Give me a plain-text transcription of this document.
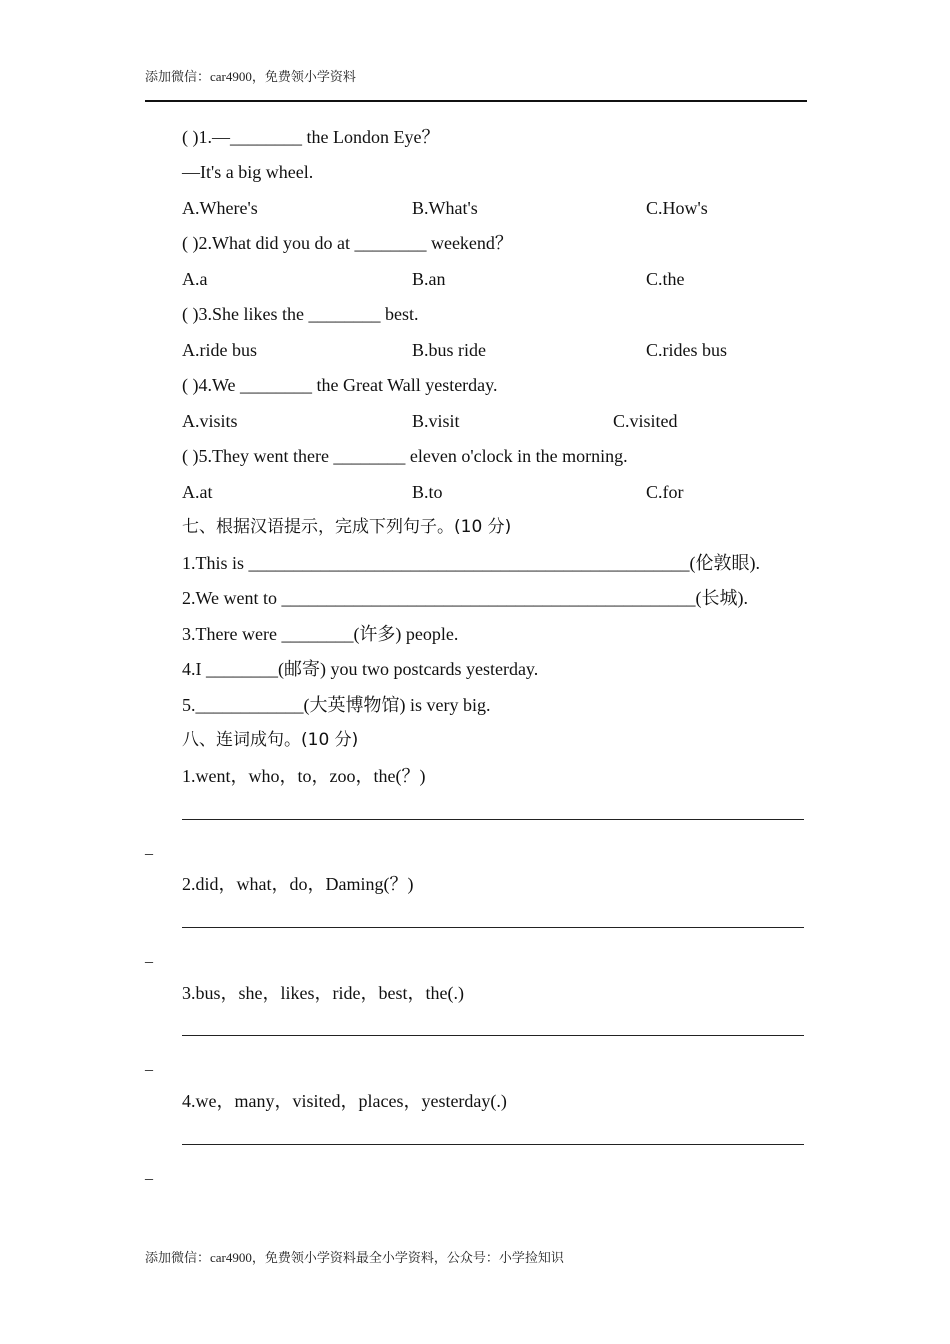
添加微信：car4900，免费领小学资料
( )1.—________ the London Eye？
—It's a big wheel.
A.Where's	B.What's	C.How's
( )2.What did you do at ________ weekend？
A.a	B.an	C.the
( )3.She likes the ________ best.
A.ride bus	B.bus ride	C.rides bus
( )4.We ________ the Great Wall yesterday.
A.visits	B.visit	C.visited
( )5.They went there ________ eleven o'clock in the morning.
A.at	B.to	C.for
七、根据汉语提示，完成下列句子。(10 分)
1.This is _________________________________________________(伦敦眼).
2.We went to ______________________________________________(长城).
3.There were ________(许多) people.
4.I ________(邮寄) you two postcards yesterday.
5.____________(大英博物馆) is very big.
八、连词成句。(10 分)
1.went，who，to，zoo，the(？)
_
2.did，what，do，Daming(？)
_
3.bus，she，likes，ride，best，the(.)
_
4.we，many，visited，places，yesterday(.)
_
添加微信：car4900，免费领小学资料最全小学资料，公众号：小学捡知识
